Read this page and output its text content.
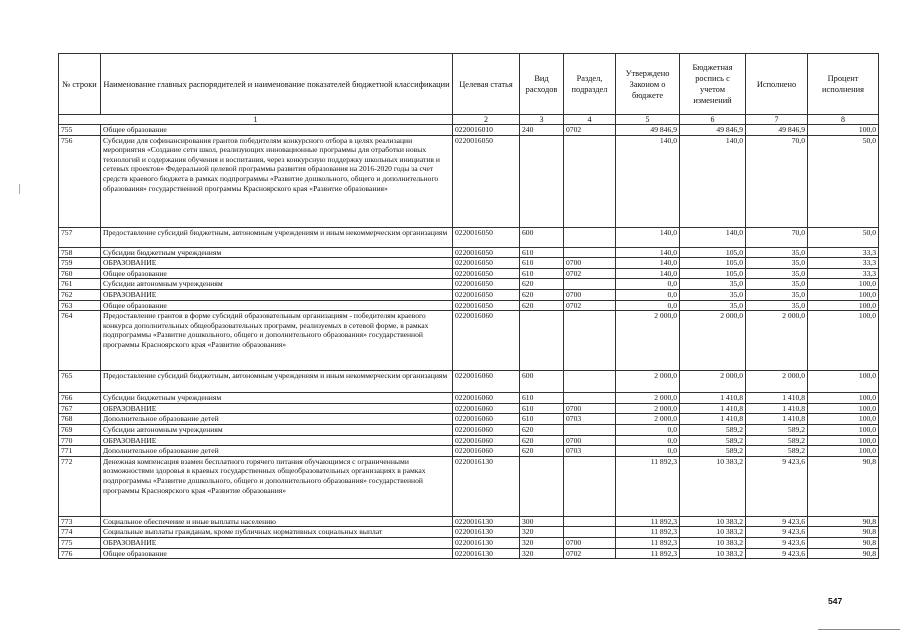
№ строки	Наименование главных распорядителей и наименование показателей бюджетной классификации	Целевая статья	Вид расходов	Раздел, подраздел	Утверждено Законом о бюджете	Бюджетная роспись с учетом изменений	Исполнено	Процент исполнения
1		2	3	4	5	6	7	8
755	Общее образование	0220016010	240	0702	49 846,9	49 846,9	49 846,9	100,0
756	Субсидии для софинансирования грантов победителям конкурсного отбора в целях реализации мероприятия «Создание сети школ, реализующих инновационные программы для отработки новых технологий и содержания обучения и воспитания, через конкурсную поддержку школьных инициатив и сетевых проектов» Федеральной целевой программы развития образования на 2016-2020 годы за счет средств краевого бюджета в рамках подпрограммы «Развитие дошкольного, общего и дополнительного образования» государственной программы Красноярского края «Развитие образования»	0220016050			140,0	140,0	70,0	50,0
757	Предоставление субсидий бюджетным, автономным учреждениям и иным некоммерческим организациям	0220016050	600		140,0	140,0	70,0	50,0
758	Субсидии бюджетным учреждениям	0220016050	610		140,0	105,0	35,0	33,3
759	ОБРАЗОВАНИЕ	0220016050	610	0700	140,0	105,0	35,0	33,3
760	Общее образование	0220016050	610	0702	140,0	105,0	35,0	33,3
761	Субсидии автономным учреждениям	0220016050	620		0,0	35,0	35,0	100,0
762	ОБРАЗОВАНИЕ	0220016050	620	0700	0,0	35,0	35,0	100,0
763	Общее образование	0220016050	620	0702	0,0	35,0	35,0	100,0
764	Предоставление грантов в форме субсидий образовательным организациям - победителям краевого конкурса дополнительных общеобразовательных программ, реализуемых в сетевой форме, в рамках подпрограммы «Развитие дошкольного, общего и дополнительного образования» государственной программы Красноярского края «Развитие образования»	0220016060			2 000,0	2 000,0	2 000,0	100,0
765	Предоставление субсидий бюджетным, автономным учреждениям и иным некоммерческим организациям	0220016060	600		2 000,0	2 000,0	2 000,0	100,0
766	Субсидии бюджетным учреждениям	0220016060	610		2 000,0	1 410,8	1 410,8	100,0
767	ОБРАЗОВАНИЕ	0220016060	610	0700	2 000,0	1 410,8	1 410,8	100,0
768	Дополнительное образование детей	0220016060	610	0703	2 000,0	1 410,8	1 410,8	100,0
769	Субсидии автономным учреждениям	0220016060	620		0,0	589,2	589,2	100,0
770	ОБРАЗОВАНИЕ	0220016060	620	0700	0,0	589,2	589,2	100,0
771	Дополнительное образование детей	0220016060	620	0703	0,0	589,2	589,2	100,0
772	Денежная компенсация взамен бесплатного горячего питания обучающимся с ограниченными возможностями здоровья в краевых государственных общеобразовательных организациях в рамках подпрограммы «Развитие дошкольного, общего и дополнительного образования» государственной программы Красноярского края «Развитие образования»	0220016130			11 892,3	10 383,2	9 423,6	90,8
773	Социальное обеспечение и иные выплаты населению	0220016130	300		11 892,3	10 383,2	9 423,6	90,8
774	Социальные выплаты гражданам, кроме публичных нормативных социальных выплат	0220016130	320		11 892,3	10 383,2	9 423,6	90,8
775	ОБРАЗОВАНИЕ	0220016130	320	0700	11 892,3	10 383,2	9 423,6	90,8
776	Общее образование	0220016130	320	0702	11 892,3	10 383,2	9 423,6	90,8
547
